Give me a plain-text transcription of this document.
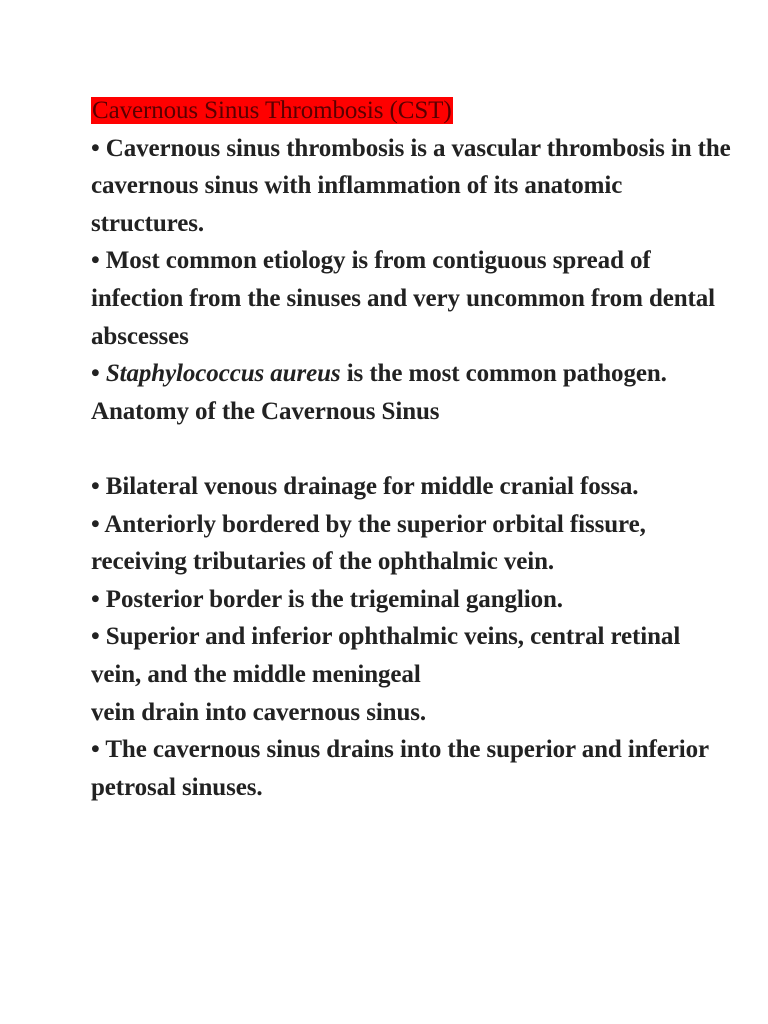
Cavernous Sinus Thrombosis (CST)

• Cavernous sinus thrombosis is a vascular thrombosis in the cavernous sinus with inflammation of its anatomic structures.

• Most common etiology is from contiguous spread of infection from the sinuses and very uncommon from dental abscesses

• Staphylococcus aureus is the most common pathogen.

Anatomy of the Cavernous Sinus

• Bilateral venous drainage for middle cranial fossa.

• Anteriorly bordered by the superior orbital fissure, receiving tributaries of the ophthalmic vein.

• Posterior border is the trigeminal ganglion.

• Superior and inferior ophthalmic veins, central retinal vein, and the middle meningeal

vein drain into cavernous sinus.

• The cavernous sinus drains into the superior and inferior petrosal sinuses.
